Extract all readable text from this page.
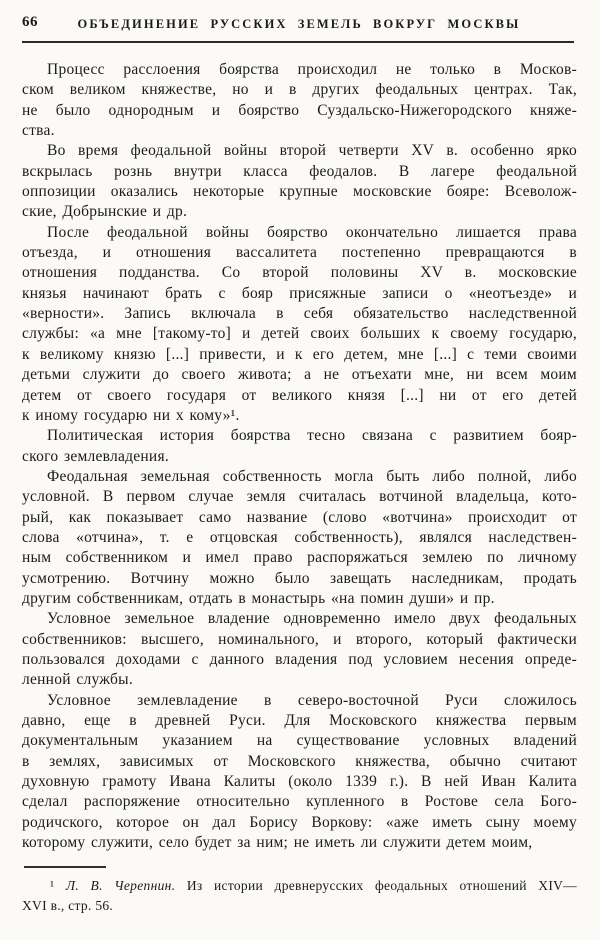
66	ОБЪЕДИНЕНИЕ РУССКИХ ЗЕМЕЛЬ ВОКРУГ МОСКВЫ
Процесс расслоения боярства происходил не только в Москов-
ском великом княжестве, но и в других феодальных центрах. Так,
не было однородным и боярство Суздальско-Нижегородского княже-
ства.
Во время феодальной войны второй четверти XV в. особенно ярко
вскрылась рознь внутри класса феодалов. В лагере феодальной
оппозиции оказались некоторые крупные московские бояре: Всеволож-
ские, Добрынские и др.
После феодальной войны боярство окончательно лишается права
отъезда, и отношения вассалитета постепенно превращаются в
отношения подданства. Со второй половины XV в. московские
князья начинают брать с бояр присяжные записи о «неотъезде» и
«верности». Запись включала в себя обязательство наследственной
службы: «а мне [такому-то] и детей своих больших к своему государю,
к великому князю [...] привести, и к его детем, мне [...] с теми своими
детьми служити до своего живота; а не отъехати мне, ни всем моим
детем от своего государя от великого князя [...] ни от его детей
к иному государю ни х кому»¹.
Политическая история боярства тесно связана с развитием бояр-
ского землевладения.
Феодальная земельная собственность могла быть либо полной, либо
условной. В первом случае земля считалась вотчиной владельца, кото-
рый, как показывает само название (слово «вотчина» происходит от
слова «отчина», т. е отцовская собственность), являлся наследствен-
ным собственником и имел право распоряжаться землею по личному
усмотрению. Вотчину можно было завещать наследникам, продать
другим собственникам, отдать в монастырь «на помин души» и пр.
Условное земельное владение одновременно имело двух феодальных
собственников: высшего, номинального, и второго, который фактически
пользовался доходами с данного владения под условием несения опреде-
ленной службы.
Условное землевладение в северо-восточной Руси сложилось
давно, еще в древней Руси. Для Московского княжества первым
документальным указанием на существование условных владений
в землях, зависимых от Московского княжества, обычно считают
духовную грамоту Ивана Калиты (около 1339 г.). В ней Иван Калита
сделал распоряжение относительно купленного в Ростове села Бого-
родичского, которое он дал Борису Воркову: «аже иметь сыну моему
которому служити, село будет за ним; не иметь ли служити детем моим,
¹ Л. В. Черепнин. Из истории древнерусских феодальных отношений XIV—
XVI в., стр. 56.
